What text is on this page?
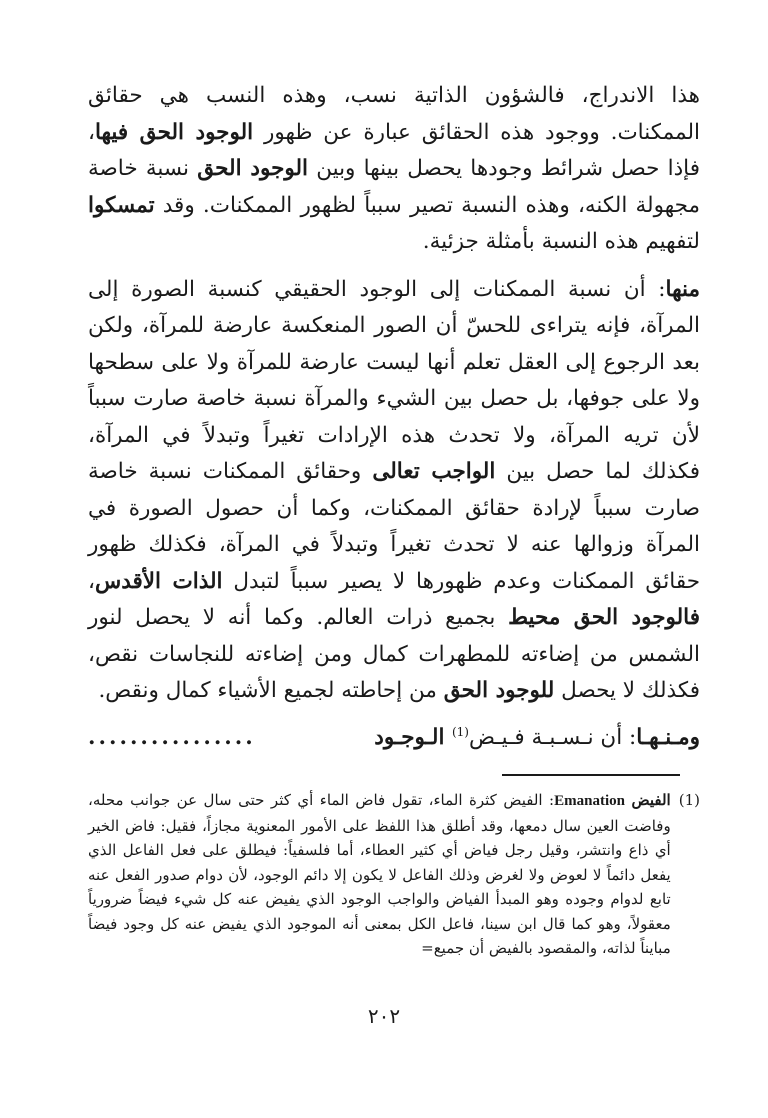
هذا الاندراج، فالشؤون الذاتية نسب، وهذه النسب هي حقائق الممكنات. ووجود هذه الحقائق عبارة عن ظهور الوجود الحق فيها، فإذا حصل شرائط وجودها يحصل بينها وبين الوجود الحق نسبة خاصة مجهولة الكنه، وهذه النسبة تصير سبباً لظهور الممكنات. وقد تمسكوا لتفهيم هذه النسبة بأمثلة جزئية.

منها: أن نسبة الممكنات إلى الوجود الحقيقي كنسبة الصورة إلى المرآة، فإنه يتراءى للحسّ أن الصور المنعكسة عارضة للمرآة، ولكن بعد الرجوع إلى العقل تعلم أنها ليست عارضة للمرآة ولا على سطحها ولا على جوفها، بل حصل بين الشيء والمرآة نسبة خاصة صارت سبباً لأن تريه المرآة، ولا تحدث هذه الإرادات تغيراً وتبدلاً في المرآة، فكذلك لما حصل بين الواجب تعالى وحقائق الممكنات نسبة خاصة صارت سبباً لإرادة حقائق الممكنات، وكما أن حصول الصورة في المرآة وزوالها عنه لا تحدث تغيراً وتبدلاً في المرآة، فكذلك ظهور حقائق الممكنات وعدم ظهورها لا يصير سبباً لتبدل الذات الأقدس، فالوجود الحق محيط بجميع ذرات العالم. وكما أنه لا يحصل لنور الشمس من إضاءته للمطهرات كمال ومن إضاءته للنجاسات نقص، فكذلك لا يحصل للوجود الحق من إحاطته لجميع الأشياء كمال ونقص.

ومـنـهـا: أن نـسـبـة فـيـض$^{(1)}$ الـوجـود
................
(1)
الفيض Emanation: الفيض كثرة الماء، تقول فاض الماء أي كثر حتى سال عن جوانب محله، وفاضت العين سال دمعها، وقد أطلق هذا اللفظ على الأمور المعنوية مجازاً، فقيل: فاض الخير أي ذاع وانتشر، وقيل رجل فياض أي كثير العطاء، أما فلسفياً: فيطلق على فعل الفاعل الذي يفعل دائماً لا لعوض ولا لغرض وذلك الفاعل لا يكون إلا دائم الوجود، لأن دوام صدور الفعل عنه تابع لدوام وجوده وهو المبدأ الفياض والواجب الوجود الذي يفيض عنه كل شيء فيضاً ضرورياً معقولاً، وهو كما قال ابن سينا، فاعل الكل بمعنى أنه الموجود الذي يفيض عنه كل وجود فيضاً مبايناً لذاته، والمقصود بالفيض أن جميع=
٢٠٢
